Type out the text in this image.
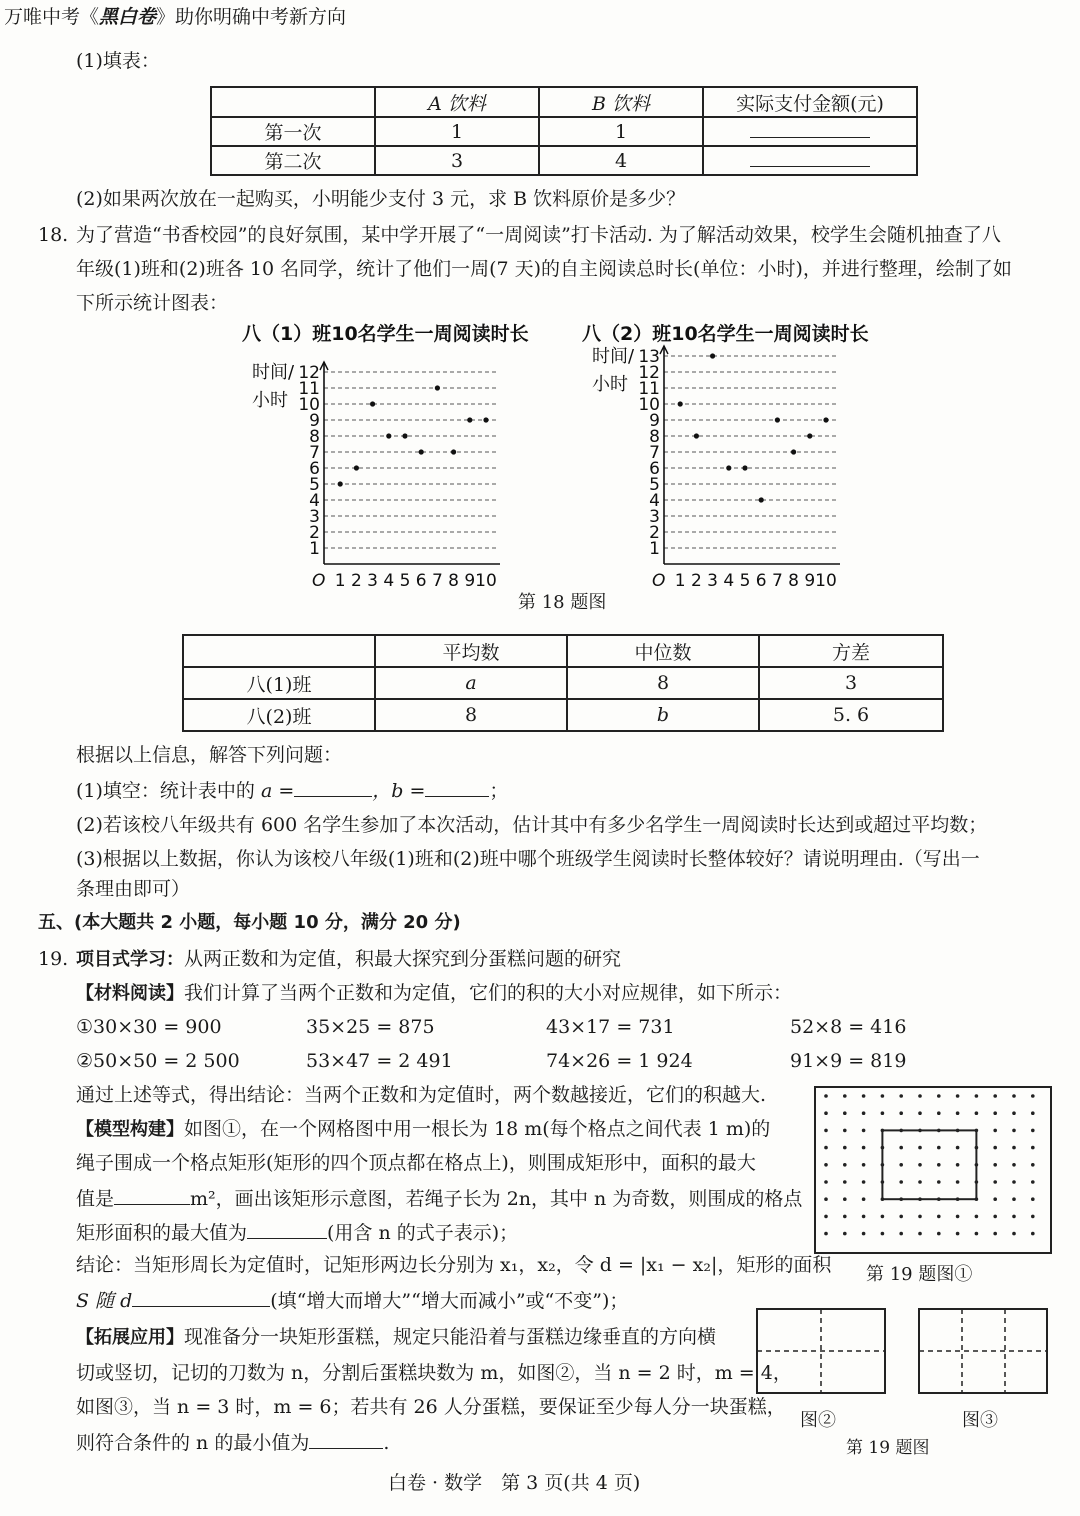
万唯中考《黑白卷》助你明确中考新方向
(1)填表：
	A 饮料	B 饮料	实际支付金额(元)
第一次	1	1	
第二次	3	4	
(2)如果两次放在一起购买，小明能少支付 3 元，求 B 饮料原价是多少？
18. 为了营造“书香校园”的良好氛围，某中学开展了“一周阅读”打卡活动. 为了解活动效果，校学生会随机抽查了八
年级(1)班和(2)班各 10 名同学，统计了他们一周(7 天)的自主阅读总时长(单位：小时)，并进行整理，绘制了如
下所示统计图表：
八（1）班10名学生一周阅读时长
时间/
小时
1
2
3
4
5
6
7
8
9
10
11
12
O 1 2 3 4 5 6 7 8 9 10
八（2）班10名学生一周阅读时长
时间/
小时
1
2
3
4
5
6
7
8
9
10
11
12
13
O 1 2 3 4 5 6 7 8 9 10
第 18 题图
	平均数	中位数	方差
八(1)班	a	8	3
八(2)班	8	b	5. 6
根据以上信息，解答下列问题：
(1)填空：统计表中的 a =	，b =	；
(2)若该校八年级共有 600 名学生参加了本次活动，估计其中有多少名学生一周阅读时长达到或超过平均数；
(3)根据以上数据，你认为该校八年级(1)班和(2)班中哪个班级学生阅读时长整体较好？请说明理由.（写出一
条理由即可）
五、(本大题共 2 小题，每小题 10 分，满分 20 分)
19. 项目式学习：从两正数和为定值，积最大探究到分蛋糕问题的研究
【材料阅读】我们计算了当两个正数和为定值，它们的积的大小对应规律，如下所示：
①30×30 = 900	35×25 = 875	43×17 = 731	52×8 = 416
②50×50 = 2 500	53×47 = 2 491	74×26 = 1 924	91×9 = 819
通过上述等式，得出结论：当两个正数和为定值时，两个数越接近，它们的积越大.
【模型构建】如图①，在一个网格图中用一根长为 18 m(每个格点之间代表 1 m)的
绳子围成一个格点矩形(矩形的四个顶点都在格点上)，则围成矩形中，面积的最大
值是	m²，画出该矩形示意图，若绳子长为 2n，其中 n 为奇数，则围成的格点
矩形面积的最大值为	(用含 n 的式子表示)；
结论：当矩形周长为定值时，记矩形两边长分别为 x₁，x₂，令 d = |x₁ − x₂|，矩形的面积
S 随 d	(填“增大而增大”“增大而减小”或“不变”)；
【拓展应用】现准备分一块矩形蛋糕，规定只能沿着与蛋糕边缘垂直的方向横
切或竖切，记切的刀数为 n，分割后蛋糕块数为 m，如图②，当 n = 2 时，m = 4，
如图③，当 n = 3 时，m = 6；若共有 26 人分蛋糕，要保证至少每人分一块蛋糕，
则符合条件的 n 的最小值为	.
第 19 题图①
图②	图③
第 19 题图
白卷 · 数学　第 3 页(共 4 页)
